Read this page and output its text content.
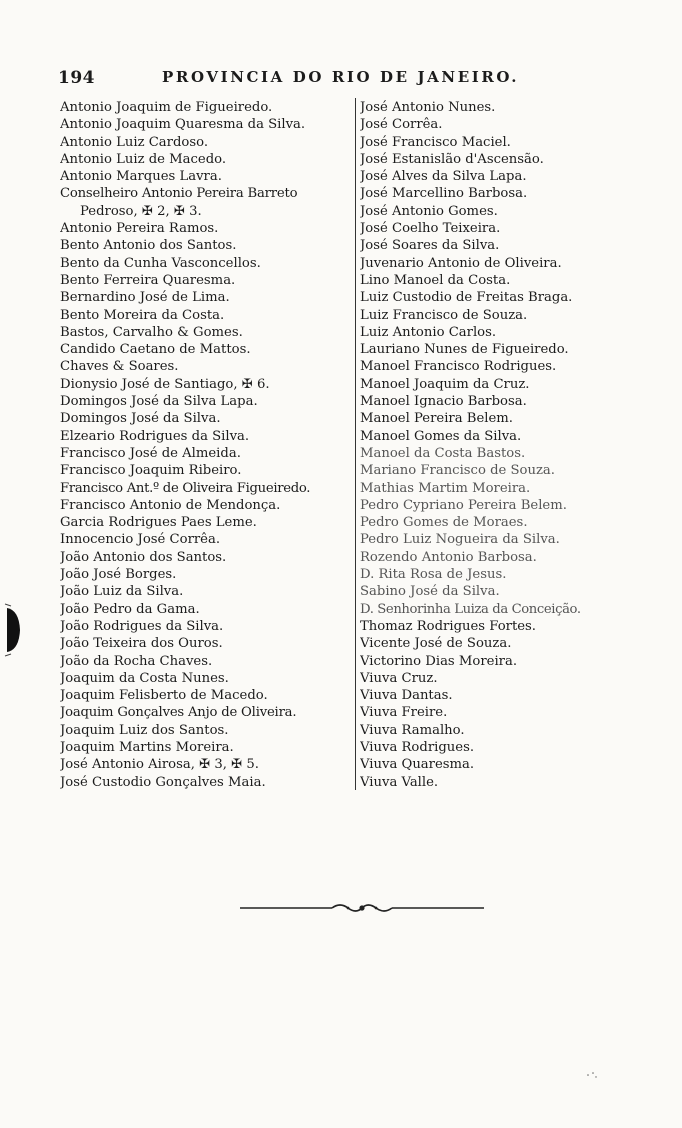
194	PROVINCIA DO RIO DE JANEIRO.
Antonio Joaquim de Figueiredo.
Antonio Joaquim Quaresma da Silva.
Antonio Luiz Cardoso.
Antonio Luiz de Macedo.
Antonio Marques Lavra.
Conselheiro Antonio Pereira Barreto
Pedroso, ✠ 2, ✠ 3.
Antonio Pereira Ramos.
Bento Antonio dos Santos.
Bento da Cunha Vasconcellos.
Bento Ferreira Quaresma.
Bernardino José de Lima.
Bento Moreira da Costa.
Bastos, Carvalho & Gomes.
Candido Caetano de Mattos.
Chaves & Soares.
Dionysio José de Santiago, ✠ 6.
Domingos José da Silva Lapa.
Domingos José da Silva.
Elzeario Rodrigues da Silva.
Francisco José de Almeida.
Francisco Joaquim Ribeiro.
Francisco Ant.º de Oliveira Figueiredo.
Francisco Antonio de Mendonça.
Garcia Rodrigues Paes Leme.
Innocencio José Corrêa.
João Antonio dos Santos.
João José Borges.
João Luiz da Silva.
João Pedro da Gama.
João Rodrigues da Silva.
João Teixeira dos Ouros.
João da Rocha Chaves.
Joaquim da Costa Nunes.
Joaquim Felisberto de Macedo.
Joaquim Gonçalves Anjo de Oliveira.
Joaquim Luiz dos Santos.
Joaquim Martins Moreira.
José Antonio Airosa, ✠ 3, ✠ 5.
José Custodio Gonçalves Maia.
José Antonio Nunes.
José Corrêa.
José Francisco Maciel.
José Estanislão d'Ascensão.
José Alves da Silva Lapa.
José Marcellino Barbosa.
José Antonio Gomes.
José Coelho Teixeira.
José Soares da Silva.
Juvenario Antonio de Oliveira.
Lino Manoel da Costa.
Luiz Custodio de Freitas Braga.
Luiz Francisco de Souza.
Luiz Antonio Carlos.
Lauriano Nunes de Figueiredo.
Manoel Francisco Rodrigues.
Manoel Joaquim da Cruz.
Manoel Ignacio Barbosa.
Manoel Pereira Belem.
Manoel Gomes da Silva.
Manoel da Costa Bastos.
Mariano Francisco de Souza.
Mathias Martim Moreira.
Pedro Cypriano Pereira Belem.
Pedro Gomes de Moraes.
Pedro Luiz Nogueira da Silva.
Rozendo Antonio Barbosa.
D. Rita Rosa de Jesus.
Sabino José da Silva.
D. Senhorinha Luiza da Conceição.
Thomaz Rodrigues Fortes.
Vicente José de Souza.
Victorino Dias Moreira.
Viuva Cruz.
Viuva Dantas.
Viuva Freire.
Viuva Ramalho.
Viuva Rodrigues.
Viuva Quaresma.
Viuva Valle.
